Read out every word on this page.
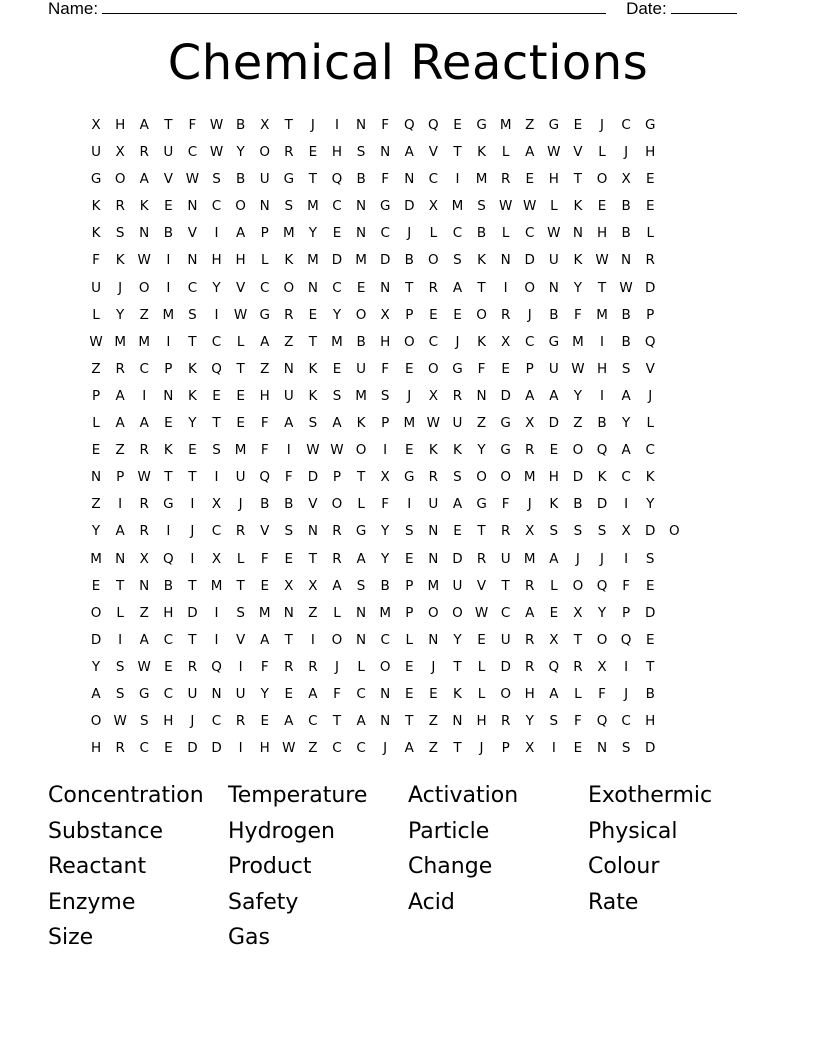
Name:	Date:
Chemical Reactions
X	H	A	T	F	W B	X	T	J	I	N	F	Q Q	E	G M	Z	G	E	J	C	G
U	X	R	U	C W Y	O	R	E	H	S	N	A	V	T	K	L	A W V	L	J	H
G	O	A	V W S	B	U	G	T	Q	B	F	N	C	I	M	R	E	H	T	O	X	E
K	R	K	E	N	C	O	N	S	M	C	N	G	D	X	M	S W W	L	K	E	B	E
K	S	N	B	V	I	A	P	M	Y	E	N	C	J	L	C	B	L	C W N	H	B	L
F	K W	I	N	H	H	L	K	M D M D	B	O	S	K	N	D	U	K W N	R
U	J	O	I	C	Y	V	C	O	N	C	E	N	T	R	A	T	I	O	N	Y	T W D
L	Y	Z	M	S	I	W G	R	E	Y	O	X	P	E	E	O	R	J	B	F	M	B	P
W M M	I	T	C	L	A	Z	T	M	B	H	O	C	J	K	X	C	G M	I	B	Q
Z	R	C	P	K	Q	T	Z	N	K	E	U	F	E	O	G	F	E	P	U W H	S	V
P	A	I	N	K	E	E	H	U	K	S	M	S	J	X	R	N	D	A	A	Y	I	A	J
L	A	A	E	Y	T	E	F	A	S	A	K	P	M W U	Z	G	X	D	Z	B	Y	L
E	Z	R	K	E	S	M	F	I	W W O	I	E	K	K	Y	G	R	E	O Q	A	C
N	P W T	T	I	U	Q	F	D	P	T	X	G	R	S	O O M H	D	K	C	K
Z	I	R	G	I	X	J	B	B	V	O	L	F	I	U	A	G	F	J	K	B	D	I	Y
Y	A	R	I	J	C	R	V	S	N	R	G	Y	S	N	E	T	R	X	S	S	S	X	D	O
M N	X	Q	I	X	L	F	E	T	R	A	Y	E	N	D	R	U M	A	J	J	I	S
E	T	N	B	T	M	T	E	X	X	A	S	B	P	M U	V	T	R	L	O Q	F	E
O	L	Z	H	D	I	S	M N	Z	L	N M	P	O O W C	A	E	X	Y	P	D
D	I	A	C	T	I	V	A	T	I	O	N	C	L	N	Y	E	U	R	X	T	O Q	E
Y	S W E	R	Q	I	F	R	R	J	L	O	E	J	T	L	D	R	Q	R	X	I	T
A	S	G	C	U	N	U	Y	E	A	F	C	N	E	E	K	L	O	H	A	L	F	J	B
O W S	H	J	C	R	E	A	C	T	A	N	T	Z	N	H	R	Y	S	F	Q	C	H
H	R	C	E	D	D	I	H W Z	C	C	J	A	Z	T	J	P	X	I	E	N	S	D
Concentration	Temperature	Activation	Exothermic
Substance	Hydrogen	Particle	Physical
Reactant	Product	Change	Colour
Enzyme	Safety	Acid	Rate
Size	Gas
